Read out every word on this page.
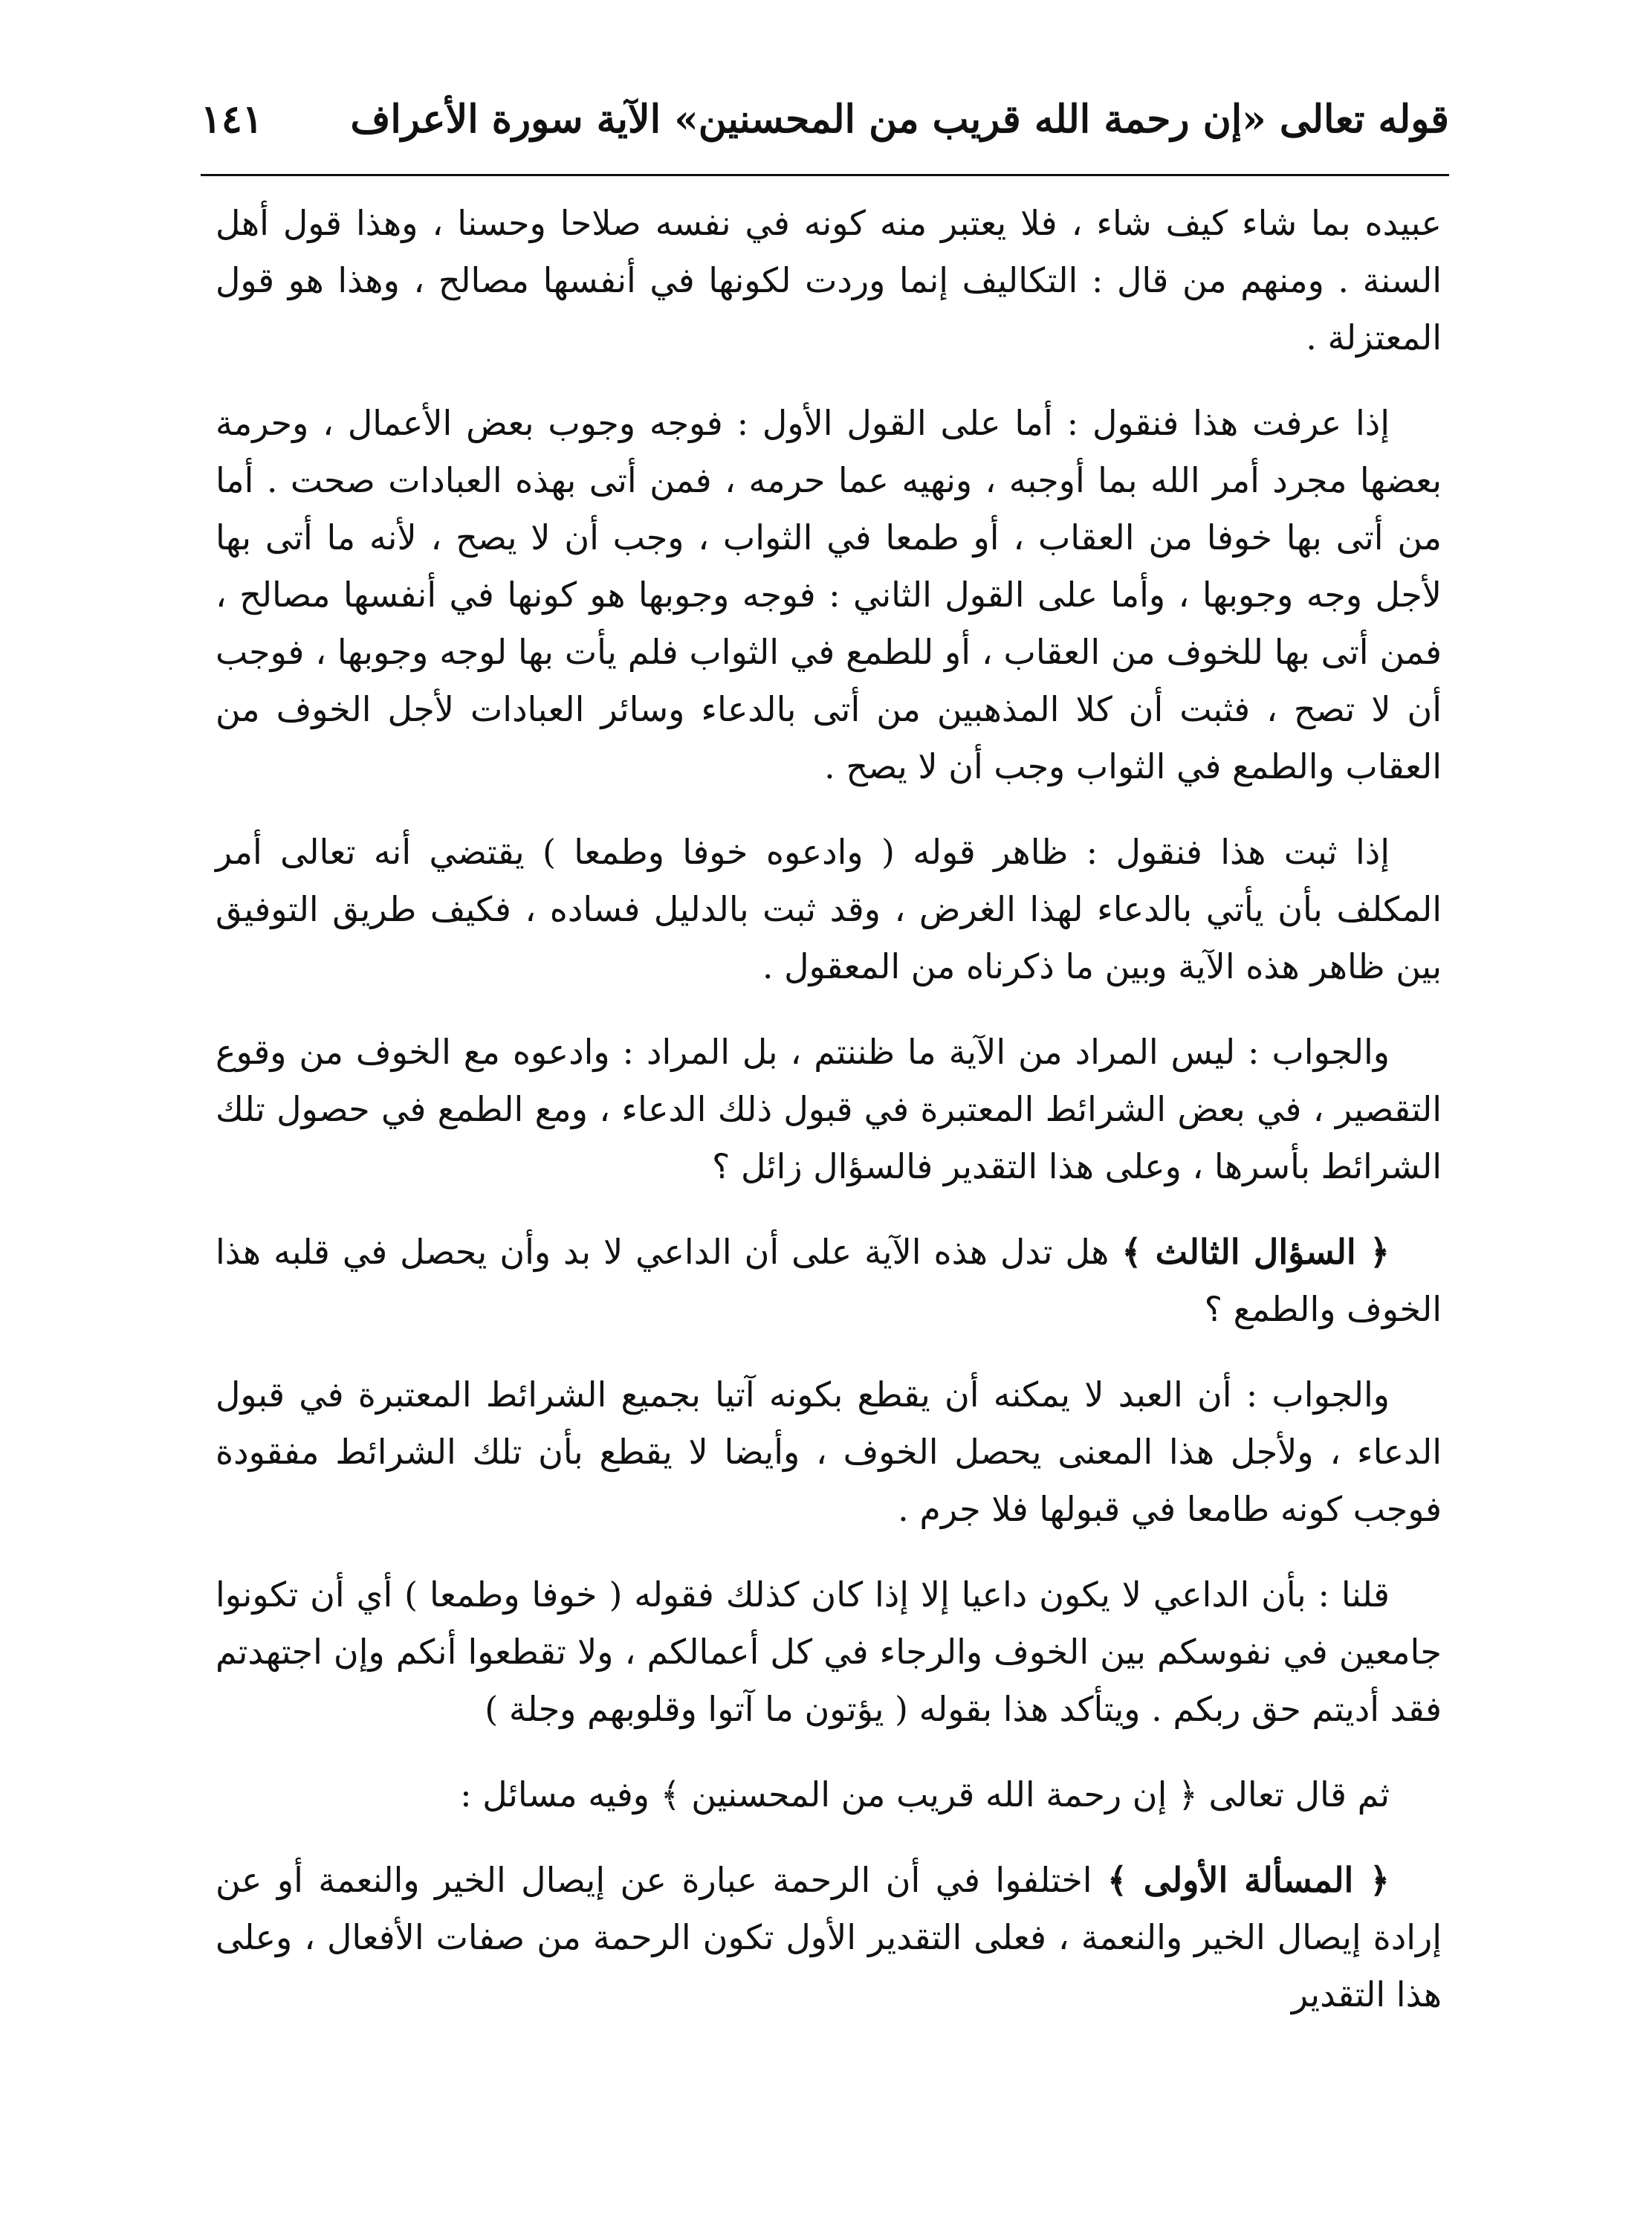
قوله تعالى «إن رحمة الله قريب من المحسنين» الآية سورة الأعراف
١٤١

عبيده بما شاء كيف شاء ، فلا يعتبر منه كونه في نفسه صلاحا وحسنا ، وهذا قول أهل السنة . ومنهم من قال : التكاليف إنما وردت لكونها في أنفسها مصالح ، وهذا هو قول المعتزلة .

إذا عرفت هذا فنقول : أما على القول الأول : فوجه وجوب بعض الأعمال ، وحرمة بعضها مجرد أمر الله بما أوجبه ، ونهيه عما حرمه ، فمن أتى بهذه العبادات صحت . أما من أتى بها خوفا من العقاب ، أو طمعا في الثواب ، وجب أن لا يصح ، لأنه ما أتى بها لأجل وجه وجوبها ، وأما على القول الثاني : فوجه وجوبها هو كونها في أنفسها مصالح ، فمن أتى بها للخوف من العقاب ، أو للطمع في الثواب فلم يأت بها لوجه وجوبها ، فوجب أن لا تصح ، فثبت أن كلا المذهبين من أتى بالدعاء وسائر العبادات لأجل الخوف من العقاب والطمع في الثواب وجب أن لا يصح .

إذا ثبت هذا فنقول : ظاهر قوله ( وادعوه خوفا وطمعا ) يقتضي أنه تعالى أمر المكلف بأن يأتي بالدعاء لهذا الغرض ، وقد ثبت بالدليل فساده ، فكيف طريق التوفيق بين ظاهر هذه الآية وبين ما ذكرناه من المعقول .

والجواب : ليس المراد من الآية ما ظننتم ، بل المراد : وادعوه مع الخوف من وقوع التقصير ، في بعض الشرائط المعتبرة في قبول ذلك الدعاء ، ومع الطمع في حصول تلك الشرائط بأسرها ، وعلى هذا التقدير فالسؤال زائل ؟

﴿ السؤال الثالث ﴾ هل تدل هذه الآية على أن الداعي لا بد وأن يحصل في قلبه هذا الخوف والطمع ؟

والجواب : أن العبد لا يمكنه أن يقطع بكونه آتيا بجميع الشرائط المعتبرة في قبول الدعاء ، ولأجل هذا المعنى يحصل الخوف ، وأيضا لا يقطع بأن تلك الشرائط مفقودة فوجب كونه طامعا في قبولها فلا جرم .

قلنا : بأن الداعي لا يكون داعيا إلا إذا كان كذلك فقوله ( خوفا وطمعا ) أي أن تكونوا جامعين في نفوسكم بين الخوف والرجاء في كل أعمالكم ، ولا تقطعوا أنكم وإن اجتهدتم فقد أديتم حق ربكم . ويتأكد هذا بقوله ( يؤتون ما آتوا وقلوبهم وجلة )

ثم قال تعالى ﴿ إن رحمة الله قريب من المحسنين ﴾ وفيه مسائل :

﴿ المسألة الأولى ﴾ اختلفوا في أن الرحمة عبارة عن إيصال الخير والنعمة أو عن إرادة إيصال الخير والنعمة ، فعلى التقدير الأول تكون الرحمة من صفات الأفعال ، وعلى هذا التقدير
